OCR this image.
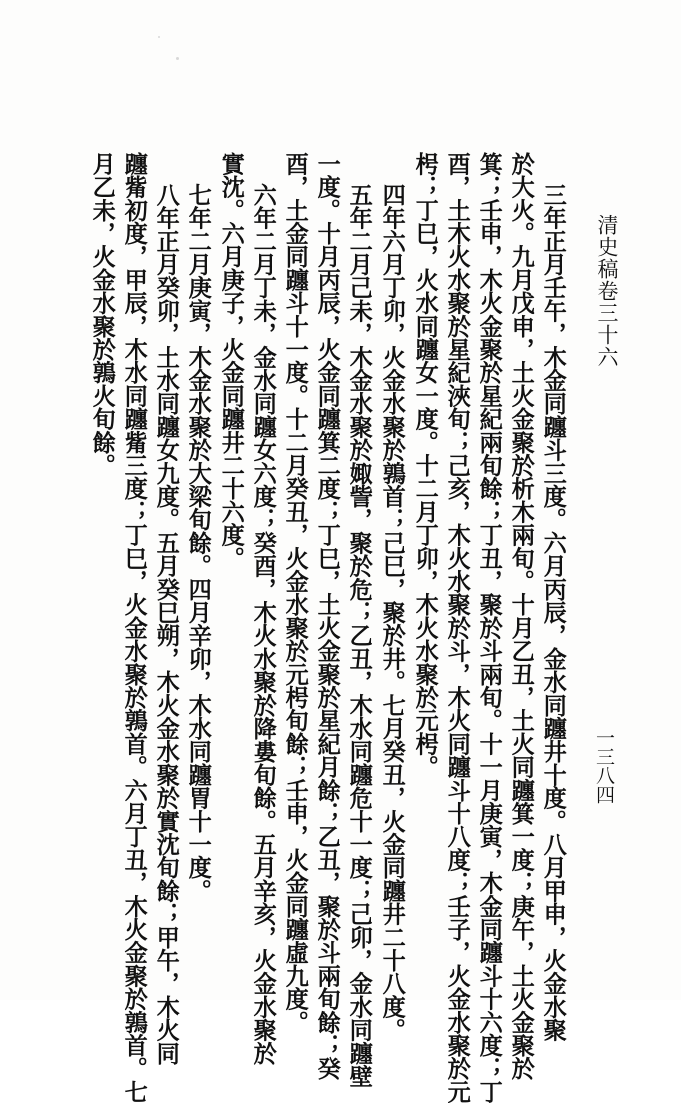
清史稿卷三十六
一三八四
三年正月壬午，木金同躔斗三度。六月丙辰，金水同躔井十度。八月甲申，火金水聚
於大火。九月戊申，土火金聚於析木兩旬。十月乙丑，土火同躔箕一度；庚午，土火金聚於
箕；壬申，木火金聚於星紀兩旬餘；丁丑，聚於斗兩旬。十一月庚寅，木金同躔斗十六度；丁
酉，土木火水聚於星紀浹旬；己亥，木火水聚於斗，木火同躔斗十八度；壬子，火金水聚於元
枵；丁巳，火水同躔女一度。十二月丁卯，木火水聚於元枵。
四年六月丁卯，火金水聚於鶉首；己巳，聚於井。七月癸丑，火金同躔井二十八度。
五年二月己未，木金水聚於娵訾，聚於危；乙丑，木水同躔危十一度；己卯，金水同躔壁
一度。十月丙辰，火金同躔箕二度；丁巳，土火金聚於星紀月餘；乙丑，聚於斗兩旬餘；癸
酉，土金同躔斗十一度。十二月癸丑，火金水聚於元枵旬餘；壬申，火金同躔虛九度。
六年二月丁未，金水同躔女六度；癸酉，木火水聚於降婁旬餘。五月辛亥，火金水聚於
實沈。六月庚子，火金同躔井二十六度。
七年二月庚寅，木金水聚於大梁旬餘。四月辛卯，木水同躔胃十一度。
八年正月癸卯，土水同躔女九度。五月癸巳朔，木火金水聚於實沈旬餘；甲午，木火同
躔觜初度，甲辰，木水同躔觜三度；丁巳，火金水聚於鶉首。六月丁丑，木火金聚於鶉首。七
月乙未，火金水聚於鶉火旬餘。
